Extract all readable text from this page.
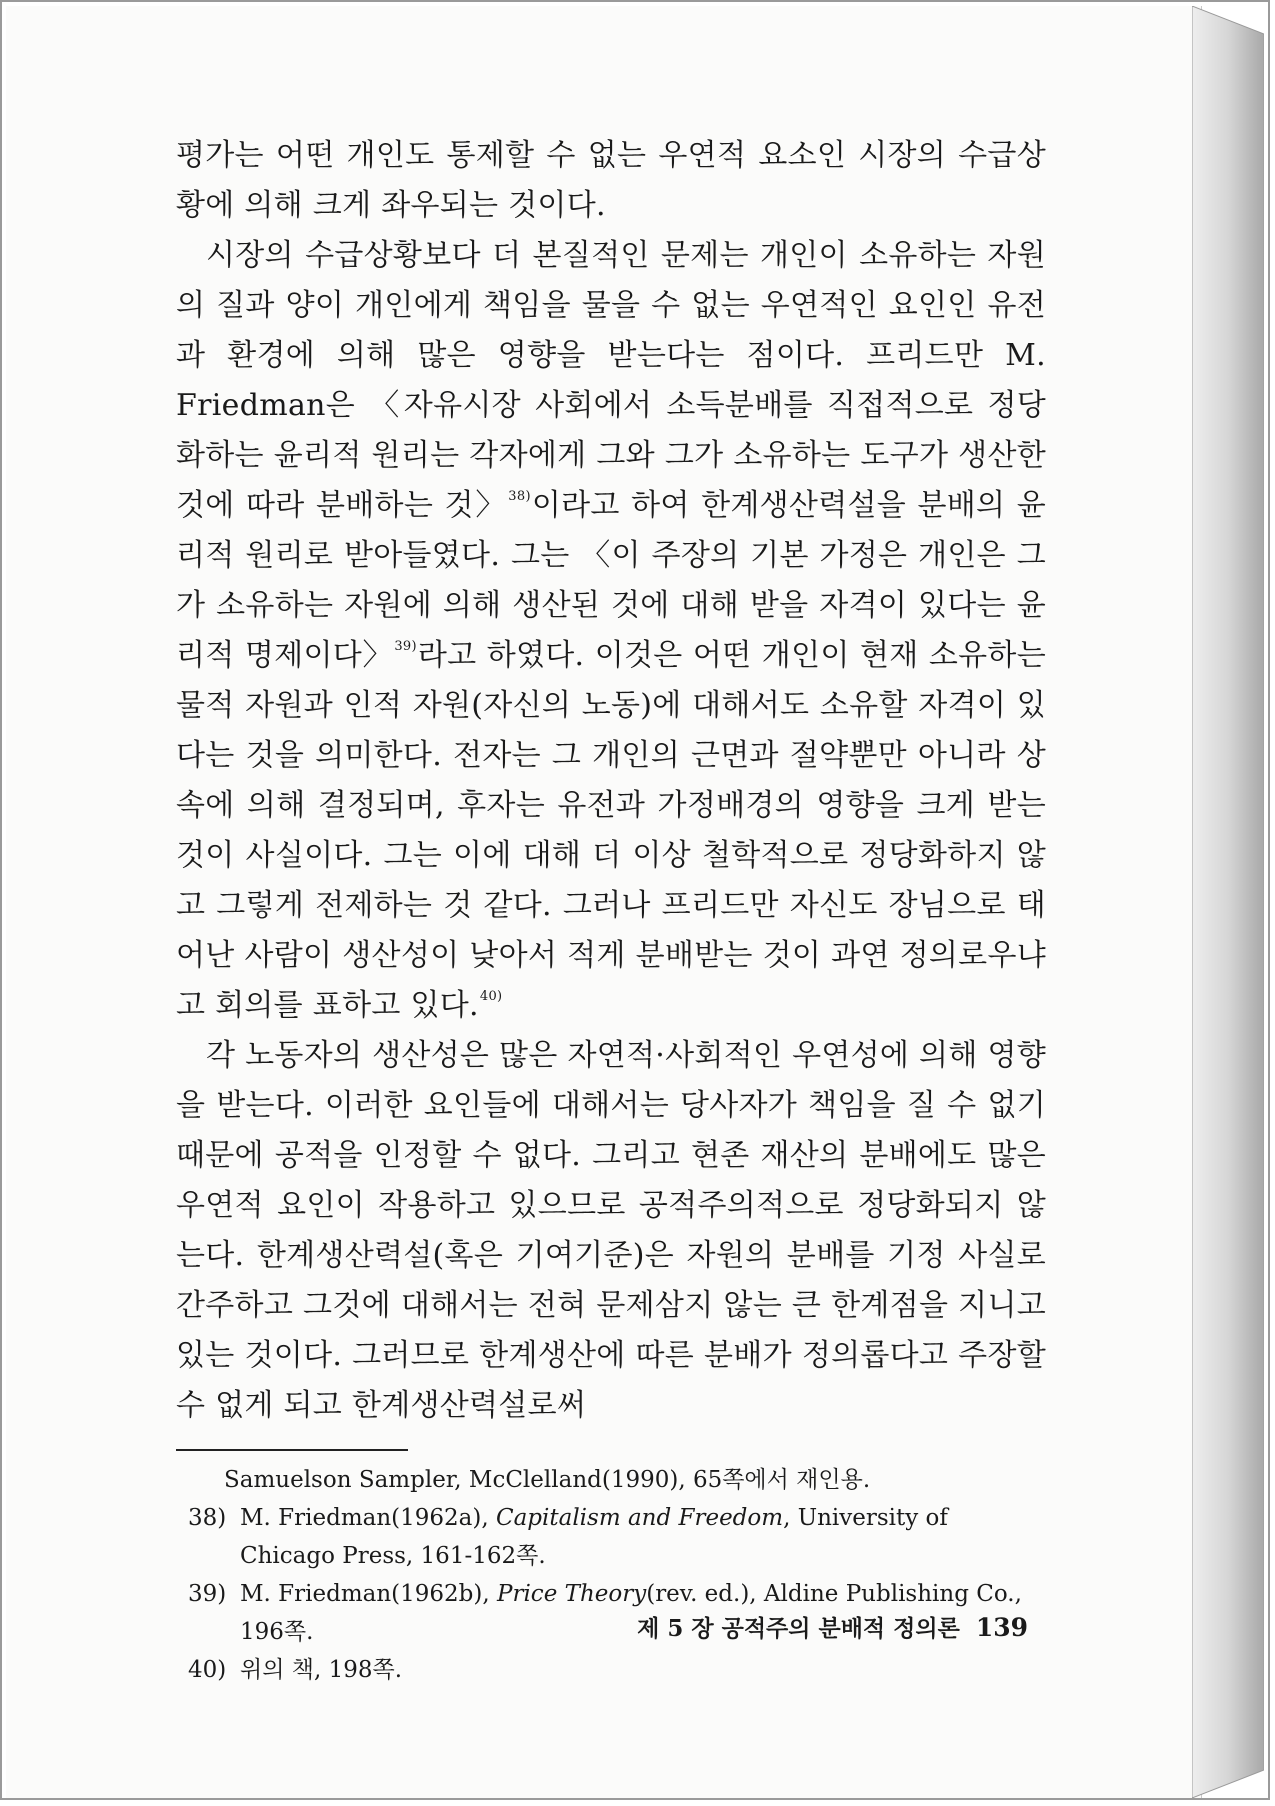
평가는 어떤 개인도 통제할 수 없는 우연적 요소인 시장의 수급상황에 의해 크게 좌우되는 것이다.

시장의 수급상황보다 더 본질적인 문제는 개인이 소유하는 자원의 질과 양이 개인에게 책임을 물을 수 없는 우연적인 요인인 유전과 환경에 의해 많은 영향을 받는다는 점이다. 프리드만 M. Friedman은 〈자유시장 사회에서 소득분배를 직접적으로 정당화하는 윤리적 원리는 각자에게 그와 그가 소유하는 도구가 생산한 것에 따라 분배하는 것〉$^{38)}$이라고 하여 한계생산력설을 분배의 윤리적 원리로 받아들였다. 그는 〈이 주장의 기본 가정은 개인은 그가 소유하는 자원에 의해 생산된 것에 대해 받을 자격이 있다는 윤리적 명제이다〉$^{39)}$라고 하였다. 이것은 어떤 개인이 현재 소유하는 물적 자원과 인적 자원(자신의 노동)에 대해서도 소유할 자격이 있다는 것을 의미한다. 전자는 그 개인의 근면과 절약뿐만 아니라 상속에 의해 결정되며, 후자는 유전과 가정배경의 영향을 크게 받는 것이 사실이다. 그는 이에 대해 더 이상 철학적으로 정당화하지 않고 그렇게 전제하는 것 같다. 그러나 프리드만 자신도 장님으로 태어난 사람이 생산성이 낮아서 적게 분배받는 것이 과연 정의로우냐고 회의를 표하고 있다.$^{40)}$

각 노동자의 생산성은 많은 자연적·사회적인 우연성에 의해 영향을 받는다. 이러한 요인들에 대해서는 당사자가 책임을 질 수 없기 때문에 공적을 인정할 수 없다. 그리고 현존 재산의 분배에도 많은 우연적 요인이 작용하고 있으므로 공적주의적으로 정당화되지 않는다. 한계생산력설(혹은 기여기준)은 자원의 분배를 기정 사실로 간주하고 그것에 대해서는 전혀 문제삼지 않는 큰 한계점을 지니고 있는 것이다. 그러므로 한계생산에 따른 분배가 정의롭다고 주장할 수 없게 되고 한계생산력설로써

Samuelson Sampler, McClelland(1990), 65쪽에서 재인용.
38) M. Friedman(1962a), Capitalism and Freedom, University of Chicago Press, 161-162쪽.
39) M. Friedman(1962b), Price Theory(rev. ed.), Aldine Publishing Co., 196쪽.
40) 위의 책, 198쪽.
제 5 장 공적주의 분배적 정의론 139
